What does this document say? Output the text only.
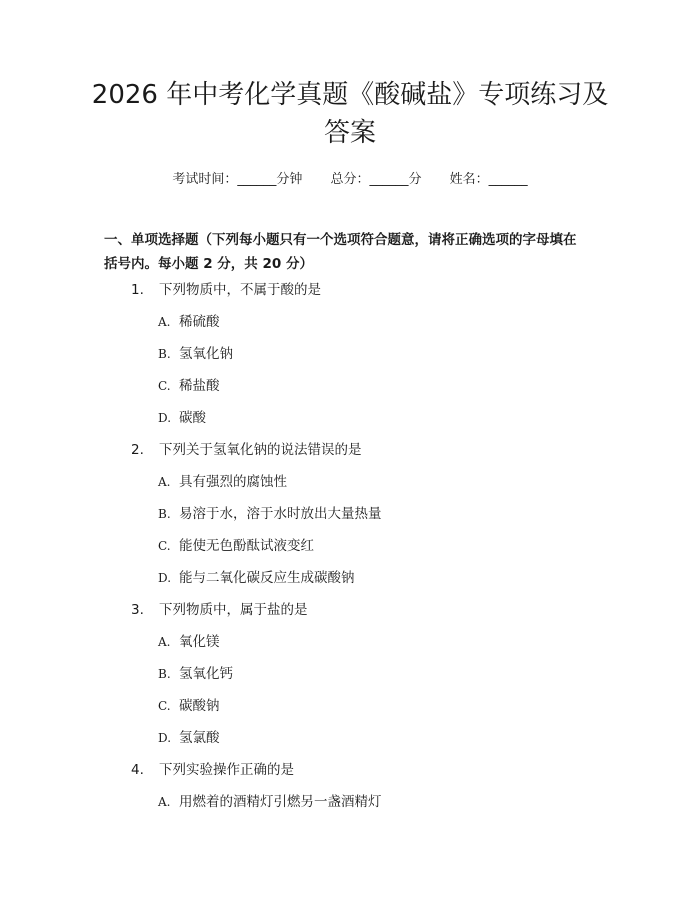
2026 年中考化学真题《酸碱盐》专项练习及
答案
考试时间：______分钟 总分：______分 姓名：______
一、单项选择题（下列每小题只有一个选项符合题意，请将正确选项的字母填在
括号内。每小题 2 分，共 20 分）
1. 下列物质中，不属于酸的是
A. 稀硫酸
B. 氢氧化钠
C. 稀盐酸
D. 碳酸
2. 下列关于氢氧化钠的说法错误的是
A. 具有强烈的腐蚀性
B. 易溶于水，溶于水时放出大量热量
C. 能使无色酚酞试液变红
D. 能与二氧化碳反应生成碳酸钠
3. 下列物质中，属于盐的是
A. 氧化镁
B. 氢氧化钙
C. 碳酸钠
D. 氢氯酸
4. 下列实验操作正确的是
A. 用燃着的酒精灯引燃另一盏酒精灯
